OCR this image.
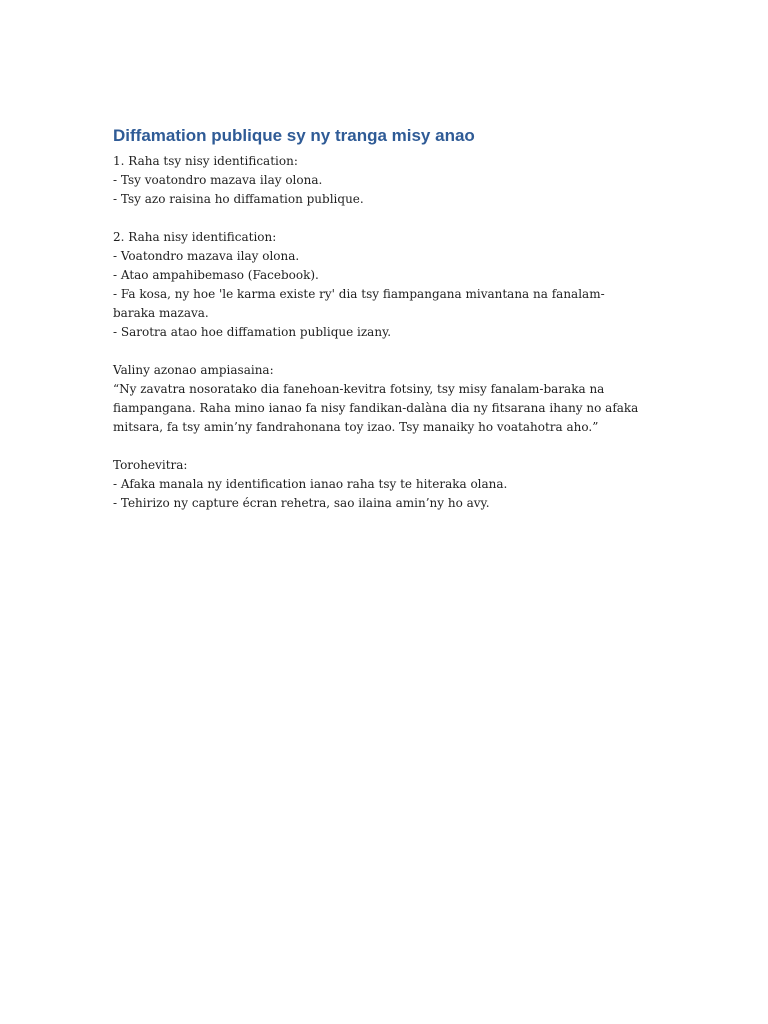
Diffamation publique sy ny tranga misy anao
1. Raha tsy nisy identification:
- Tsy voatondro mazava ilay olona.
- Tsy azo raisina ho diffamation publique.
2. Raha nisy identification:
- Voatondro mazava ilay olona.
- Atao ampahibemaso (Facebook).
- Fa kosa, ny hoe 'le karma existe ry' dia tsy fiampangana mivantana na fanalam-baraka mazava.
- Sarotra atao hoe diffamation publique izany.
Valiny azonao ampiasaina:
“Ny zavatra nosoratako dia fanehoan-kevitra fotsiny, tsy misy fanalam-baraka na fiampangana. Raha mino ianao fa nisy fandikan-dalàna dia ny fitsarana ihany no afaka mitsara, fa tsy amin’ny fandrahonana toy izao. Tsy manaiky ho voatahotra aho.”
Torohevitra:
- Afaka manala ny identification ianao raha tsy te hiteraka olana.
- Tehirizo ny capture écran rehetra, sao ilaina amin’ny ho avy.
